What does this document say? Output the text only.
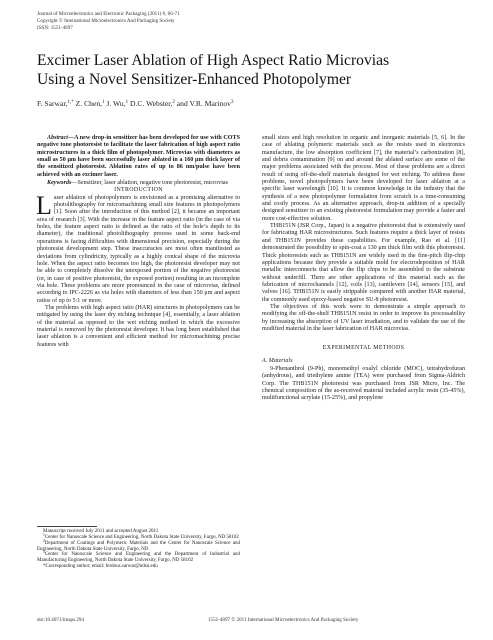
Journal of Microelectronics and Electronic Packaging (2011) 8, 66-71
Copyright © International Microelectronics And Packaging Society
ISSN: 1551-4897
Excimer Laser Ablation of High Aspect Ratio Microvias
Using a Novel Sensitizer-Enhanced Photopolymer
F. Sarwar,$^{1,*}$ Z. Chen,$^1$ J. Wu,$^1$ D.C. Webster,$^2$ and V.R. Marinov$^3$

Abstract—A new drop-in sensitizer has been developed for use with COTS negative tone photoresist to facilitate the laser fabrication of high aspect ratio microstructures in a thick film of photopolymer. Microvias with diameters as small as 50 μm have been successfully laser ablated in a 160 μm thick layer of the sensitized photoresist. Ablation rates of up to 86 nm/pulse have been achieved with an excimer laser.

Keywords—Sensitizer, laser ablation, negative tone photoresist, microvias

INTRODUCTION

Laser ablation of photopolymers is envisioned as a promising alternative to photolithography for micromachining small size features in photopolymers [1]. Soon after the introduction of this method [2], it became an important area of research [3]. With the increase in the feature aspect ratio (in the case of via holes, the feature aspect ratio is defined as the ratio of the hole’s depth to its diameter), the traditional photolithography process used in some back-end operations is facing difficulties with dimensional precision, especially during the photoresist development step. These inaccuracies are most often manifested as deviations from cylindricity, typically as a highly conical shape of the microvia hole. When the aspect ratio becomes too high, the photoresist developer may not be able to completely dissolve the unexposed portion of the negative photoresist (or, in case of positive photoresist, the exposed portion) resulting in an incomplete via hole. These problems are more pronounced in the case of microvias, defined according to IPC-2226 as via holes with diameters of less than 150 μm and aspect ratios of up to 5:1 or more.

The problems with high aspect ratio (HAR) structures in photopolymers can be mitigated by using the laser dry etching technique [4], essentially, a laser ablation of the material as opposed to the wet etching method in which the excessive material is removed by the photoresist developer. It has long been established that laser ablation is a convenient and efficient method for micromachining precise features with

Manuscript received July 2011 and accepted August 2011

$^1$Center for Nanoscale Science and Engineering, North Dakota State University, Fargo, ND 58102

$^2$Department of Coatings and Polymeric Materials and the Center for Nanoscale Science and Engineering, North Dakota State University, Fargo, ND

$^3$Center for Nanoscale Science and Engineering and the Department of Industrial and Manufacturing Engineering, North Dakota State University, Fargo, ND 58102

*Corresponding author; email: ferdous.sarwar@ndsu.edu

small sizes and high resolution in organic and inorganic materials [5, 6]. In the case of ablating polymeric materials such as the resists used in electronics manufacture, the low absorption coefficient [7], the material’s carbonization [8], and debris contamination [9] on and around the ablated surface are some of the major problems associated with the process. Most of these problems are a direct result of using off-the-shelf materials designed for wet etching. To address these problems, novel photopolymers have been developed for laser ablation at a specific laser wavelength [10]. It is common knowledge in the industry that the synthesis of a new photopolymer formulation from scratch is a time-consuming and costly process. As an alternative approach, drop-in addition of a specially designed sensitizer to an existing photoresist formulation may provide a faster and more cost-effective solution.

THB151N (JSR Corp., Japan) is a negative photoresist that is extensively used for fabricating HAR microstructures. Such features require a thick layer of resists and THB151N provides these capabilities. For example, Rao et al. [11] demonstrated the possibility to spin-coat a 130 μm thick film with this photoresist. Thick photoresists such as THB151N are widely used in the fine-pitch flip-chip applications because they provide a suitable mold for electrodeposition of HAR metallic interconnects that allow the flip chips to be assembled to the substrate without underfill. There are other applications of this material such as the fabrication of microchannels [12], coils [13], cantilevers [14], sensors [15], and valves [16]. THB151N is easily strippable compared with another HAR material, the commonly used epoxy-based negative SU-8 photoresist.

The objectives of this work were to demonstrate a simple approach to modifying the off-the-shelf THB151N resist in order to improve its processability by increasing the absorption of UV laser irradiation, and to validate the use of the modified material in the laser fabrication of HAR microvias.

EXPERIMENTAL METHODS

A. Materials

9-Phenanthrol (9-Ph), monomethyl oxalyl chloride (MOC), tetrahydrofuran (anhydrous), and triethylene amine (TEA) were purchased from Sigma-Aldrich Corp. The THB151N photoresist was purchased from JSR Micro, Inc. The chemical composition of the as-received material included acrylic resin (35-45%), multifunctional acrylate (15-25%), and propylene

doi:10.4071/imaps.294	1551-4897 © 2011 International Microelectronics And Packaging Society
